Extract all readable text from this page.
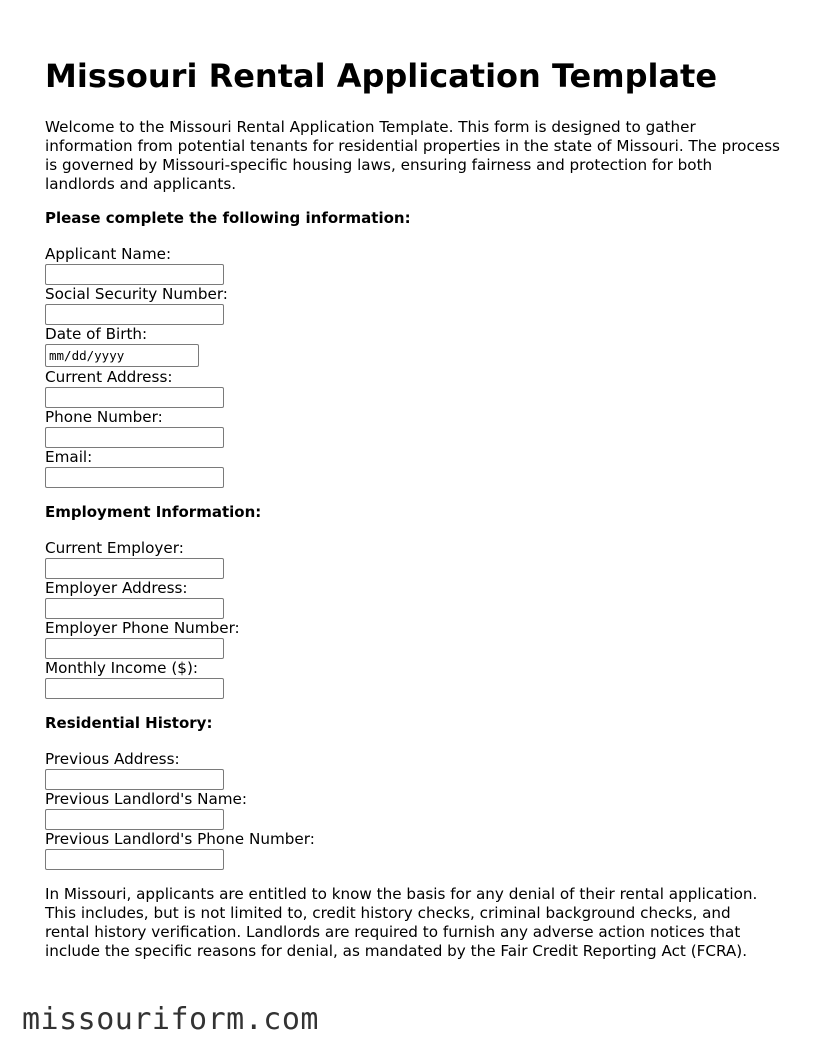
Missouri Rental Application Template

Welcome to the Missouri Rental Application Template. This form is designed to gather information from potential tenants for residential properties in the state of Missouri. The process is governed by Missouri-specific housing laws, ensuring fairness and protection for both landlords and applicants.

Please complete the following information:

Applicant Name:
Social Security Number:
Date of Birth:
mm/dd/yyyy
Current Address:
Phone Number:
Email:

Employment Information:

Current Employer:
Employer Address:
Employer Phone Number:
Monthly Income ($):

Residential History:

Previous Address:
Previous Landlord's Name:
Previous Landlord's Phone Number:

In Missouri, applicants are entitled to know the basis for any denial of their rental application. This includes, but is not limited to, credit history checks, criminal background checks, and rental history verification. Landlords are required to furnish any adverse action notices that include the specific reasons for denial, as mandated by the Fair Credit Reporting Act (FCRA).

missouriform.com
